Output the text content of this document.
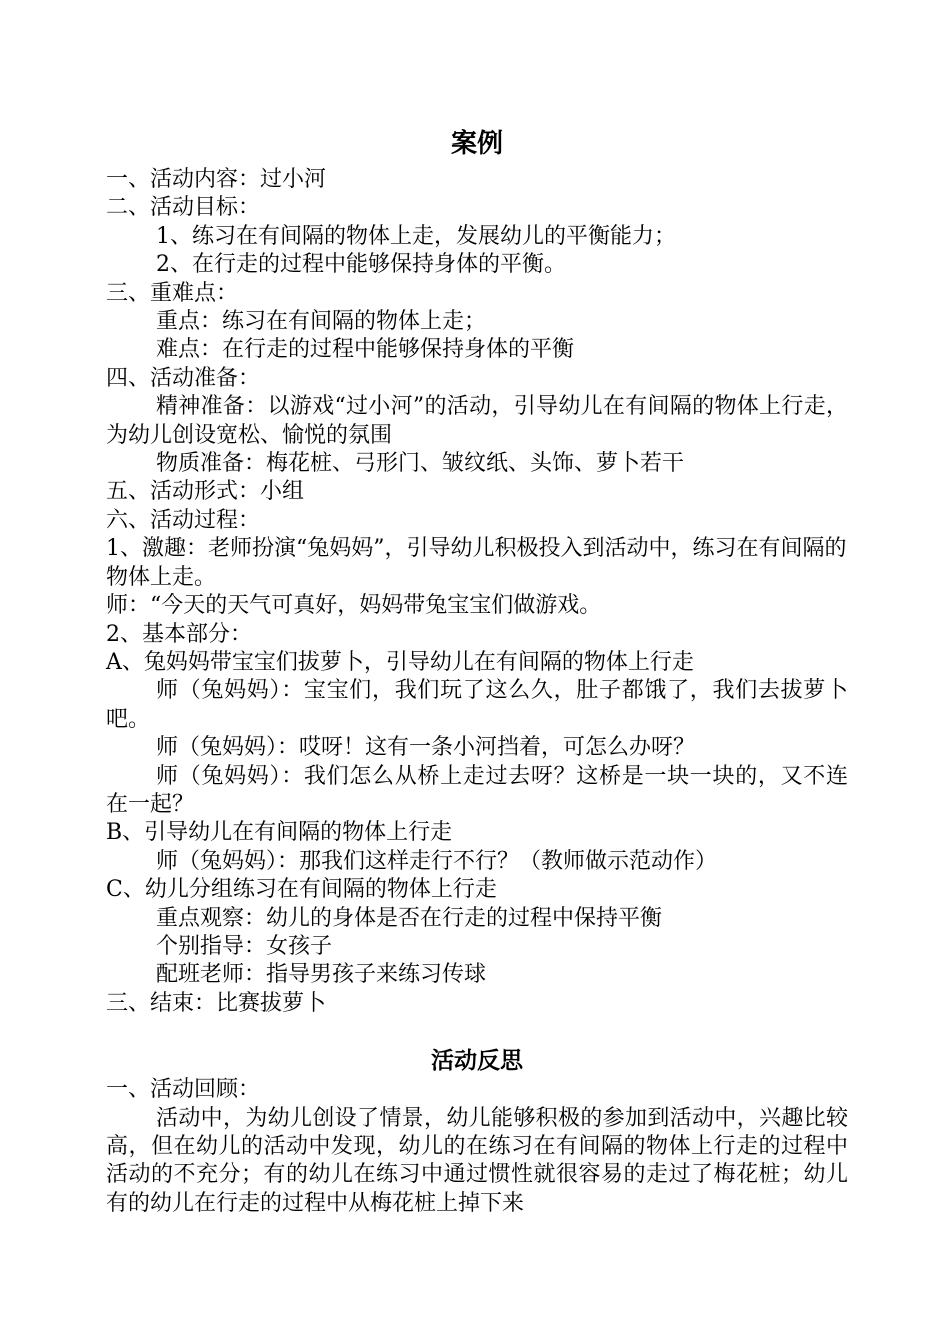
案例

一、活动内容：过小河

二、活动目标：

1、练习在有间隔的物体上走，发展幼儿的平衡能力；

2、在行走的过程中能够保持身体的平衡。

三、重难点：

重点：练习在有间隔的物体上走；

难点：在行走的过程中能够保持身体的平衡

四、活动准备：

精神准备：以游戏“过小河”的活动，引导幼儿在有间隔的物体上行走，为幼儿创设宽松、愉悦的氛围

物质准备：梅花桩、弓形门、皱纹纸、头饰、萝卜若干

五、活动形式：小组

六、活动过程：

1、激趣：老师扮演“兔妈妈”，引导幼儿积极投入到活动中，练习在有间隔的物体上走。

师：“今天的天气可真好，妈妈带兔宝宝们做游戏。

2、基本部分：

A、兔妈妈带宝宝们拔萝卜，引导幼儿在有间隔的物体上行走

师（兔妈妈）：宝宝们，我们玩了这么久，肚子都饿了，我们去拔萝卜吧。

师（兔妈妈）：哎呀！这有一条小河挡着，可怎么办呀？

师（兔妈妈）：我们怎么从桥上走过去呀？这桥是一块一块的，又不连在一起？

B、引导幼儿在有间隔的物体上行走

师（兔妈妈）：那我们这样走行不行？（教师做示范动作）

C、幼儿分组练习在有间隔的物体上行走

重点观察：幼儿的身体是否在行走的过程中保持平衡

个别指导：女孩子

配班老师：指导男孩子来练习传球

三、结束：比赛拔萝卜

活动反思

一、活动回顾：

活动中，为幼儿创设了情景，幼儿能够积极的参加到活动中，兴趣比较高，但在幼儿的活动中发现，幼儿的在练习在有间隔的物体上行走的过程中活动的不充分；有的幼儿在练习中通过惯性就很容易的走过了梅花桩；幼儿有的幼儿在行走的过程中从梅花桩上掉下来
